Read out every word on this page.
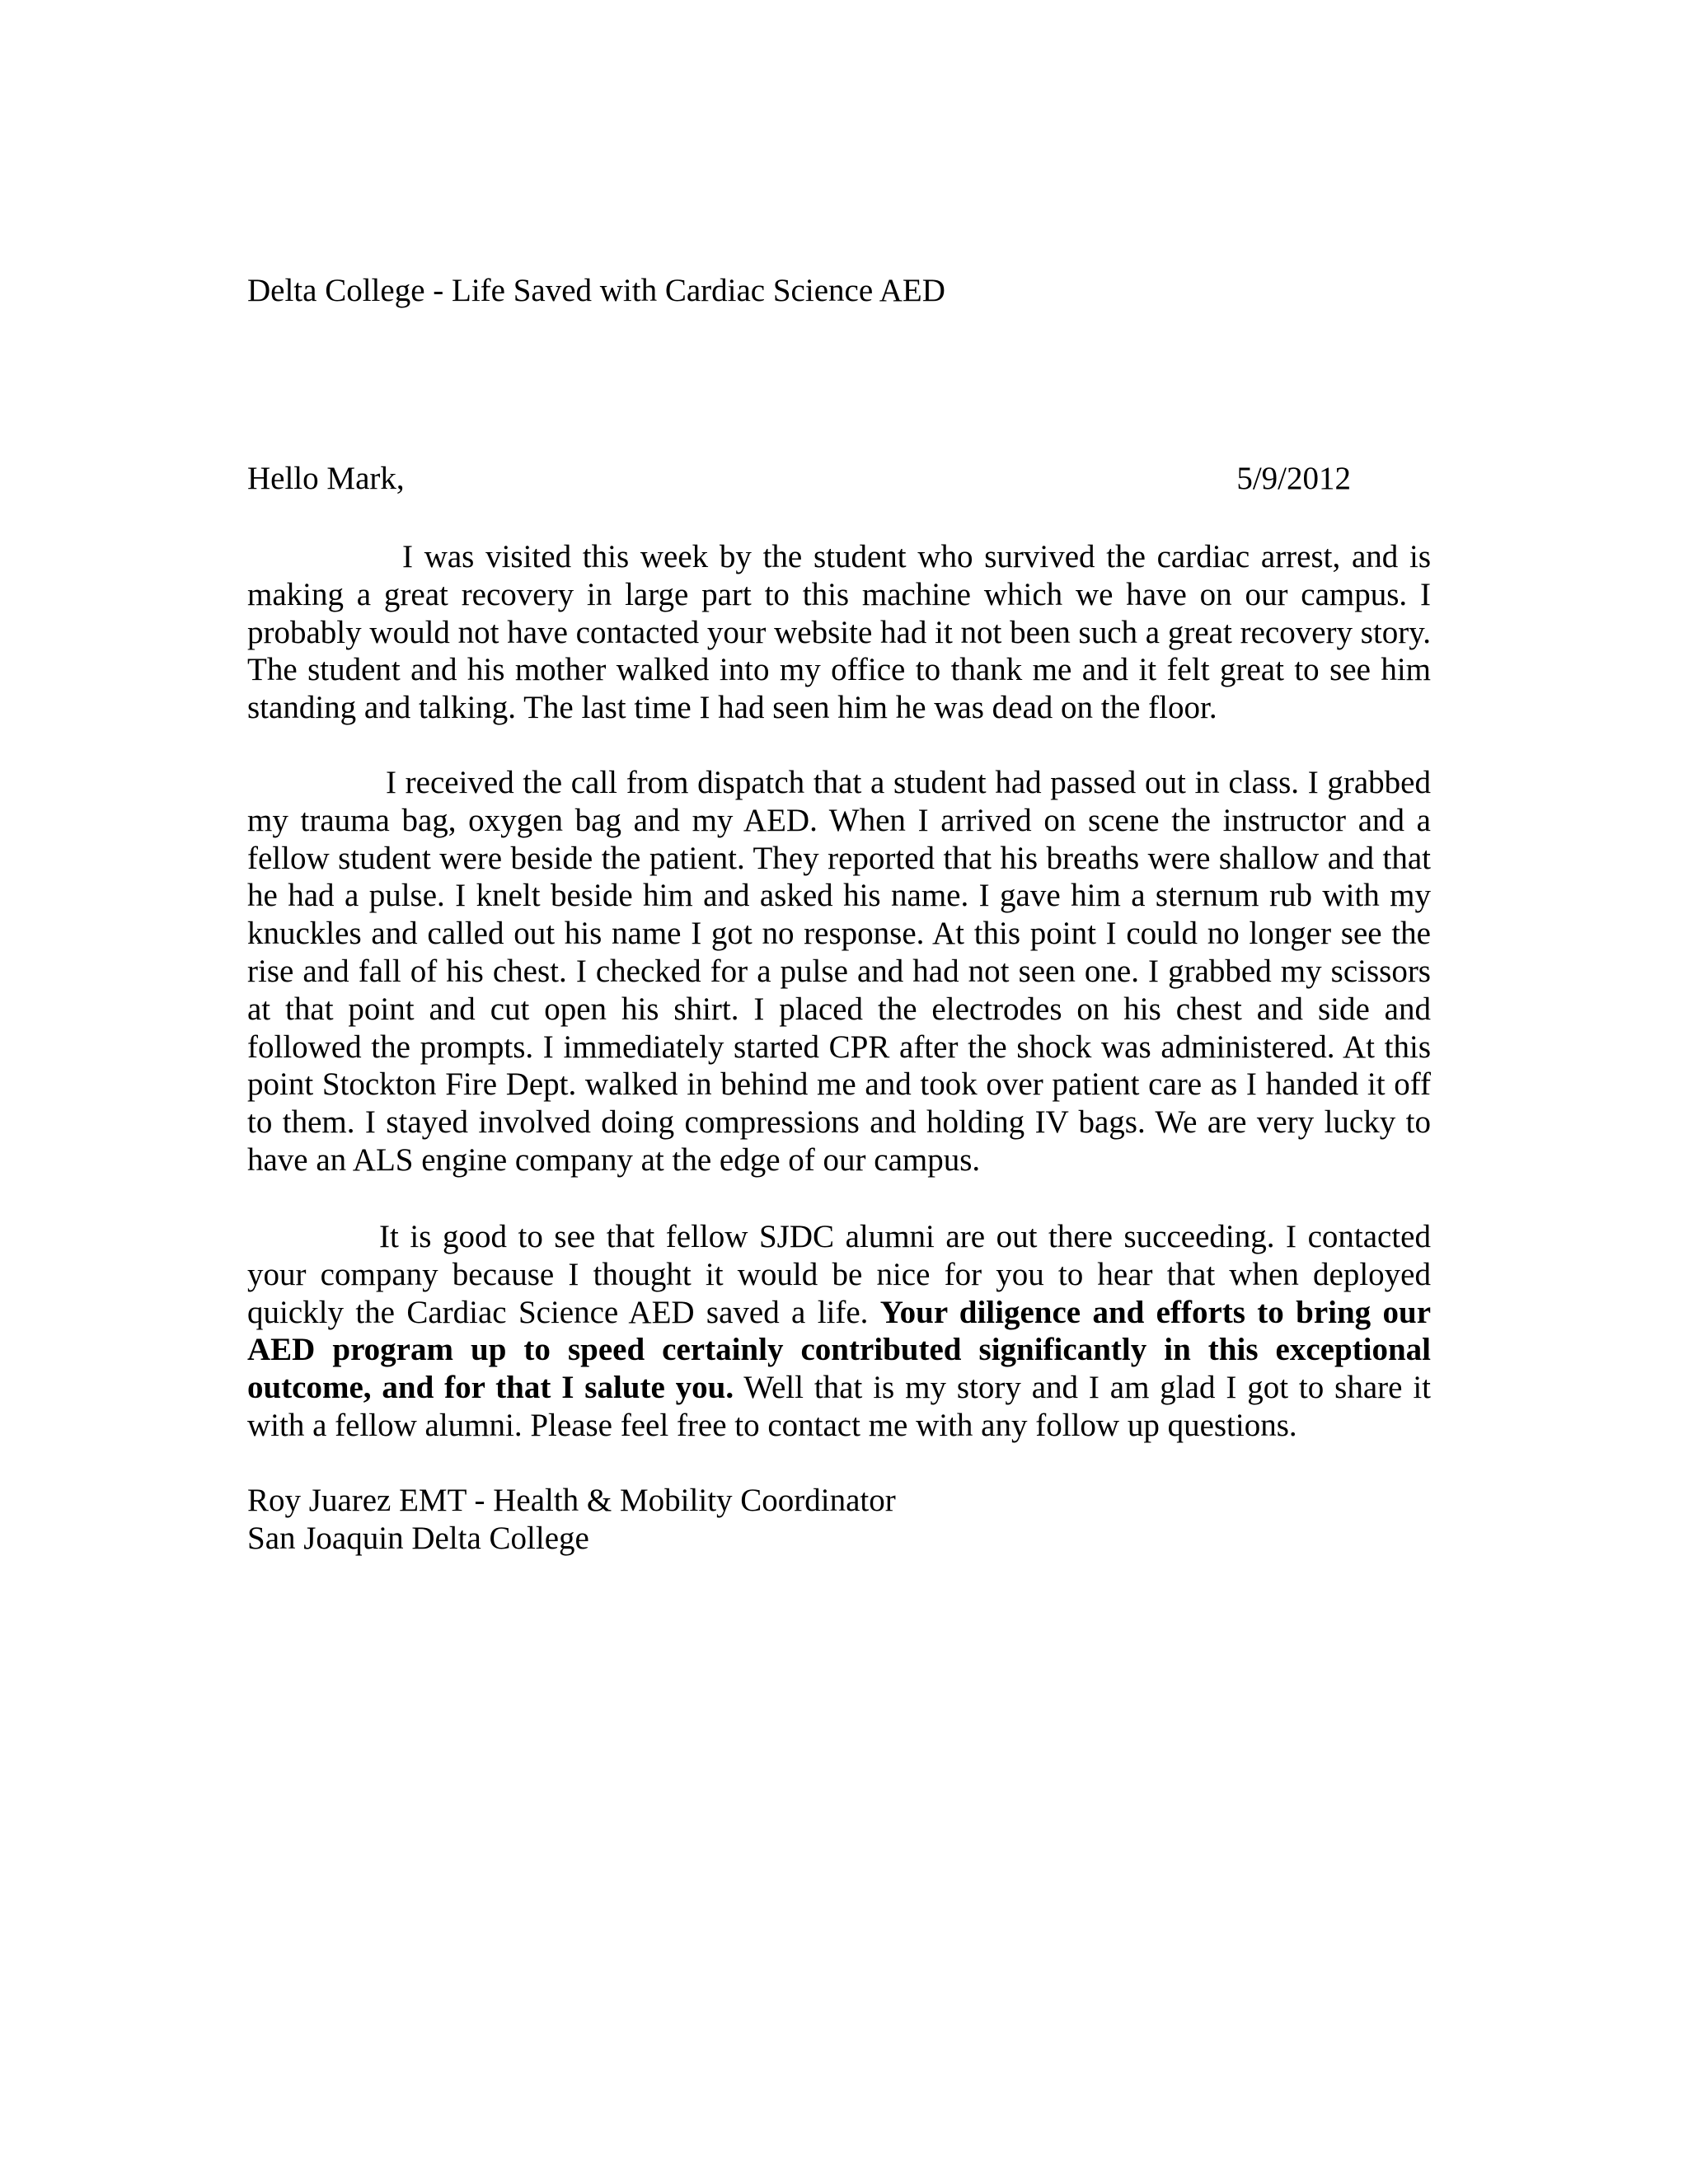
Delta College - Life Saved with Cardiac Science AED
Hello Mark,	5/9/2012

I was visited this week by the student who survived the cardiac arrest, and is making a great recovery in large part to this machine which we have on our campus. I probably would not have contacted your website had it not been such a great recovery story. The student and his mother walked into my office to thank me and it felt great to see him standing and talking. The last time I had seen him he was dead on the floor.

I received the call from dispatch that a student had passed out in class. I grabbed my trauma bag, oxygen bag and my AED. When I arrived on scene the instructor and a fellow student were beside the patient. They reported that his breaths were shallow and that he had a pulse. I knelt beside him and asked his name. I gave him a sternum rub with my knuckles and called out his name I got no response. At this point I could no longer see the rise and fall of his chest. I checked for a pulse and had not seen one. I grabbed my scissors at that point and cut open his shirt. I placed the electrodes on his chest and side and followed the prompts. I immediately started CPR after the shock was administered. At this point Stockton Fire Dept. walked in behind me and took over patient care as I handed it off to them. I stayed involved doing compressions and holding IV bags. We are very lucky to have an ALS engine company at the edge of our campus.

It is good to see that fellow SJDC alumni are out there succeeding. I contacted your company because I thought it would be nice for you to hear that when deployed quickly the Cardiac Science AED saved a life. Your diligence and efforts to bring our AED program up to speed certainly contributed significantly in this exceptional outcome, and for that I salute you. Well that is my story and I am glad I got to share it with a fellow alumni. Please feel free to contact me with any follow up questions.

Roy Juarez EMT - Health & Mobility Coordinator
San Joaquin Delta College
